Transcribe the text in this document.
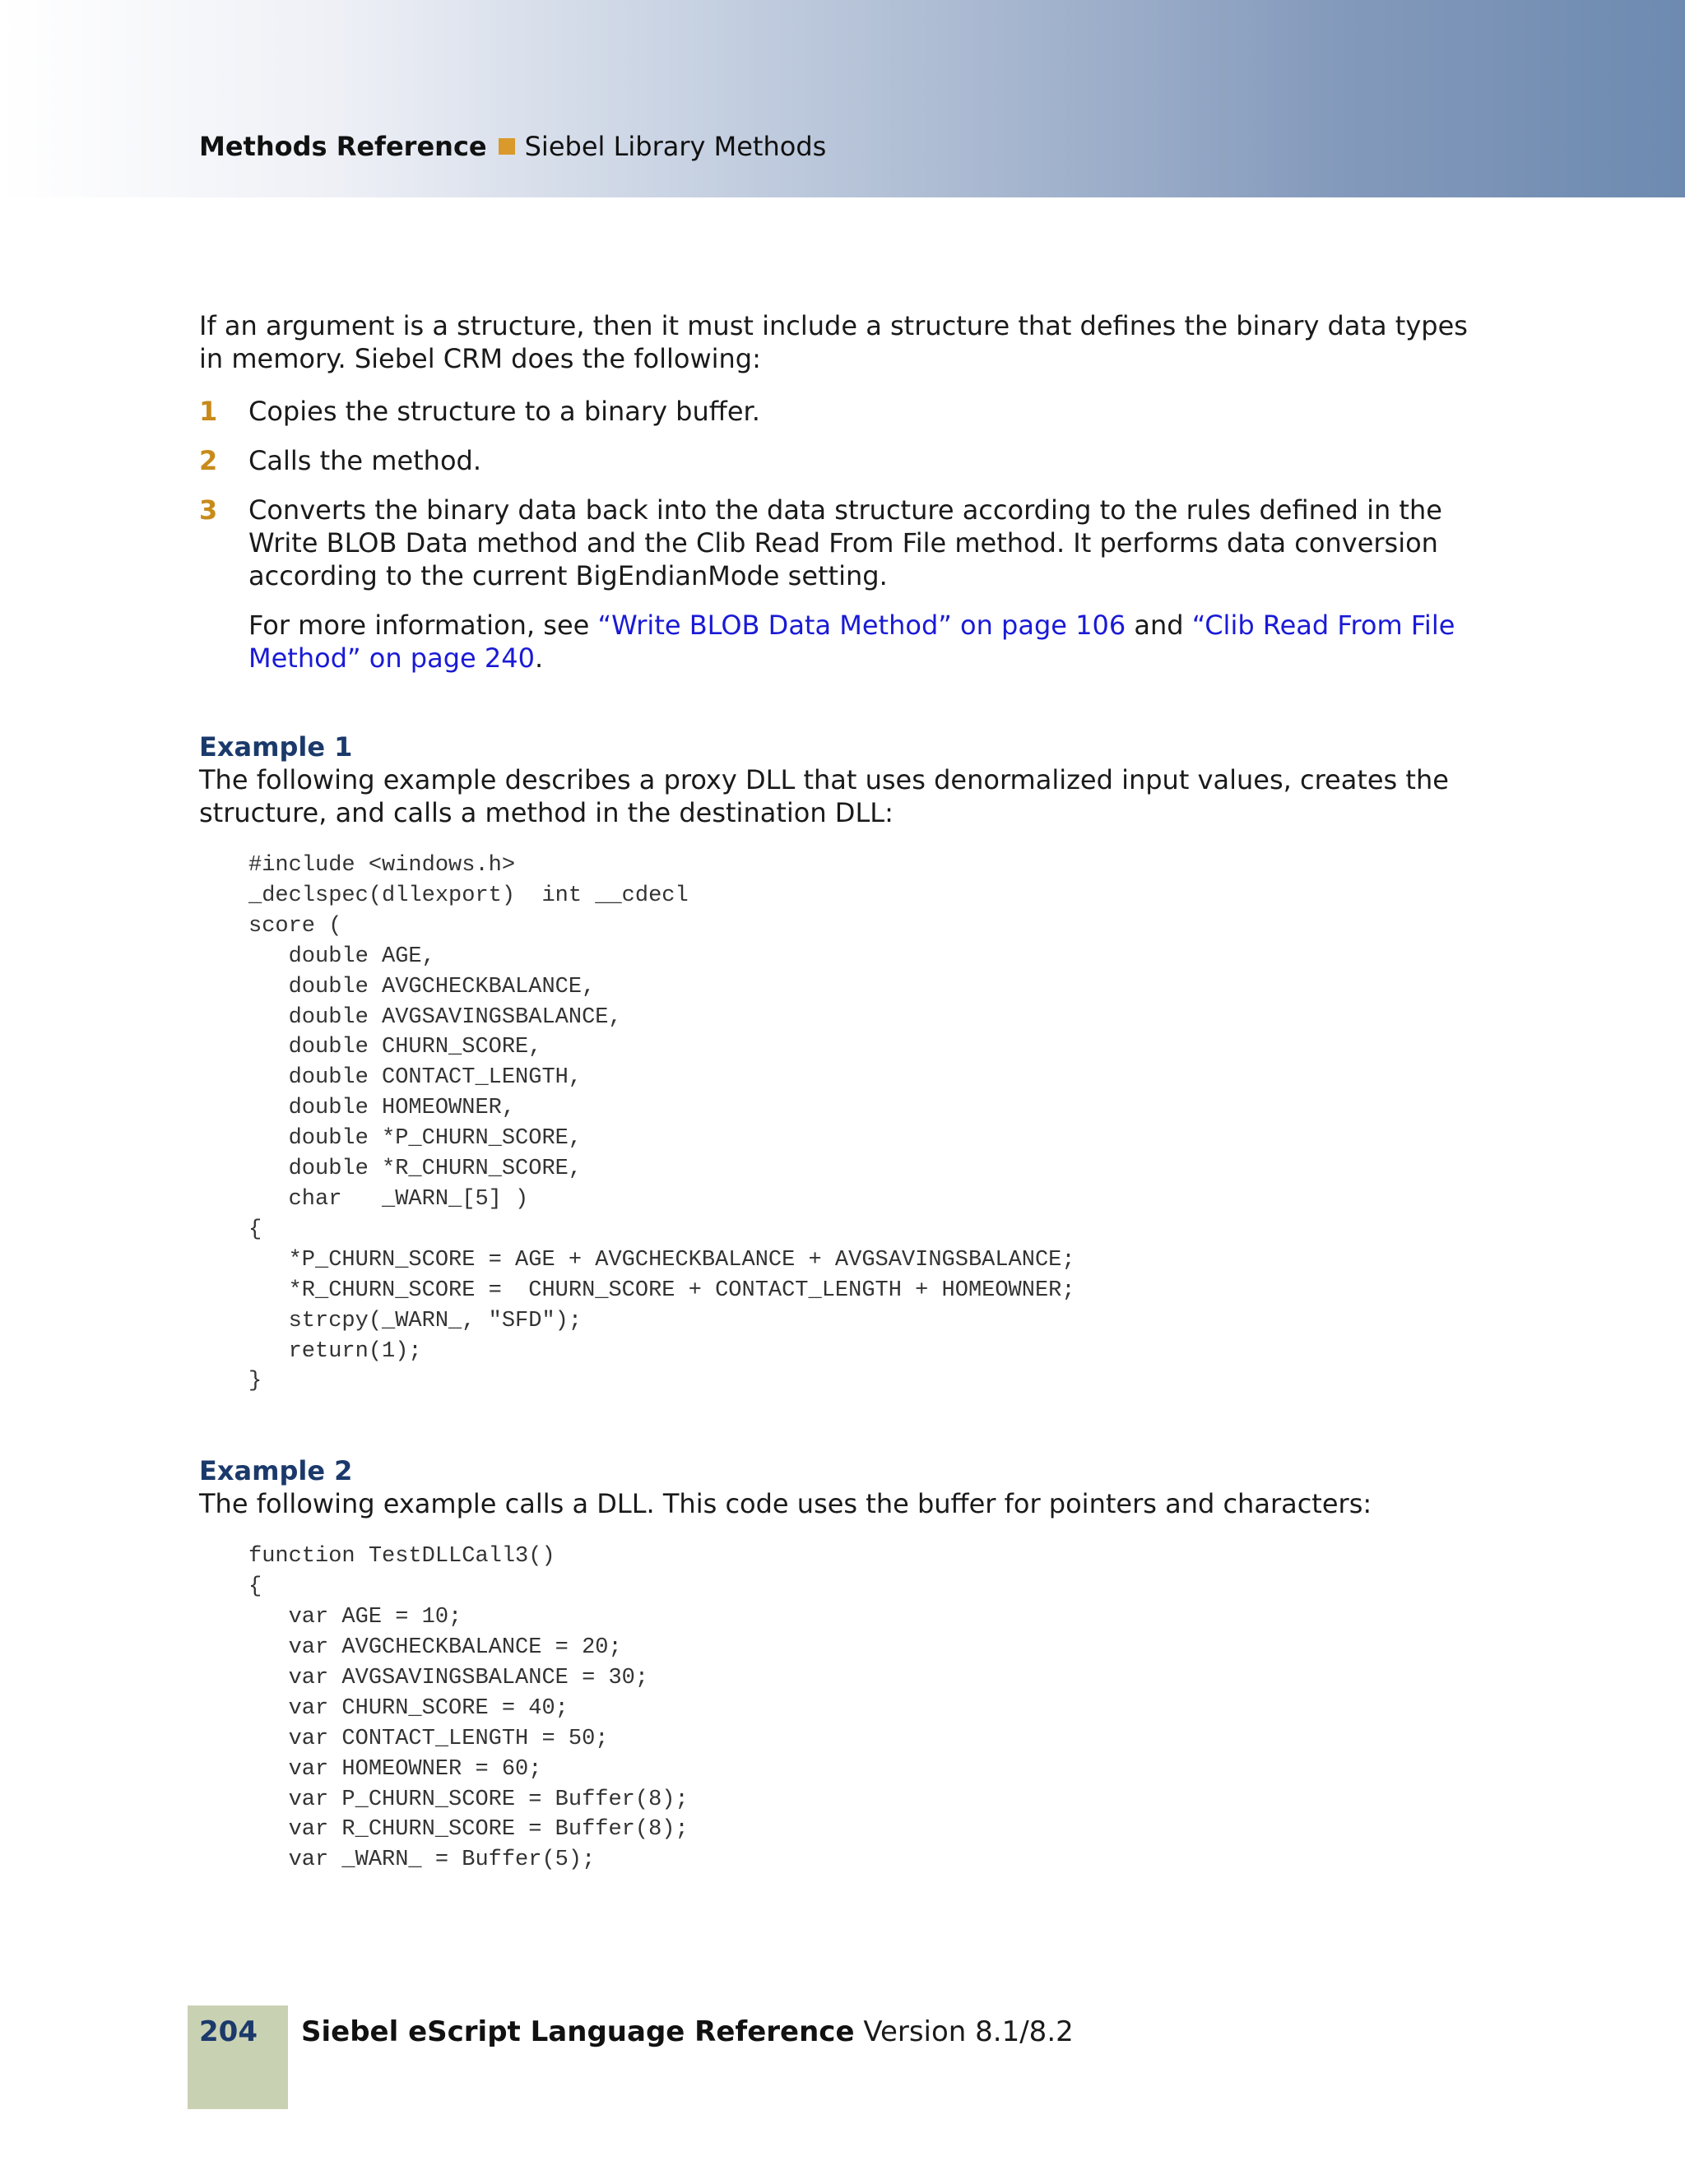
Methods Reference Siebel Library Methods

If an argument is a structure, then it must include a structure that defines the binary data types in memory. Siebel CRM does the following:

1 Copies the structure to a binary buffer.
2 Calls the method.
3 Converts the binary data back into the data structure according to the rules defined in the Write BLOB Data method and the Clib Read From File method. It performs data conversion according to the current BigEndianMode setting.

For more information, see “Write BLOB Data Method” on page 106 and “Clib Read From File Method” on page 240.

Example 1

The following example describes a proxy DLL that uses denormalized input values, creates the structure, and calls a method in the destination DLL:

#include <windows.h>
_declspec(dllexport)  int __cdecl
score (
double AGE,
double AVGCHECKBALANCE,
double AVGSAVINGSBALANCE,
double CHURN_SCORE,
double CONTACT_LENGTH,
double HOMEOWNER,
double *P_CHURN_SCORE,
double *R_CHURN_SCORE,
char   _WARN_[5] )
{
*P_CHURN_SCORE = AGE + AVGCHECKBALANCE + AVGSAVINGSBALANCE;
*R_CHURN_SCORE =  CHURN_SCORE + CONTACT_LENGTH + HOMEOWNER;
strcpy(_WARN_, "SFD");
return(1);
}
Example 2

The following example calls a DLL. This code uses the buffer for pointers and characters:

function TestDLLCall3()
{
var AGE = 10;
var AVGCHECKBALANCE = 20;
var AVGSAVINGSBALANCE = 30;
var CHURN_SCORE = 40;
var CONTACT_LENGTH = 50;
var HOMEOWNER = 60;
var P_CHURN_SCORE = Buffer(8);
var R_CHURN_SCORE = Buffer(8);
var _WARN_ = Buffer(5);
204 Siebel eScript Language Reference Version 8.1/8.2
